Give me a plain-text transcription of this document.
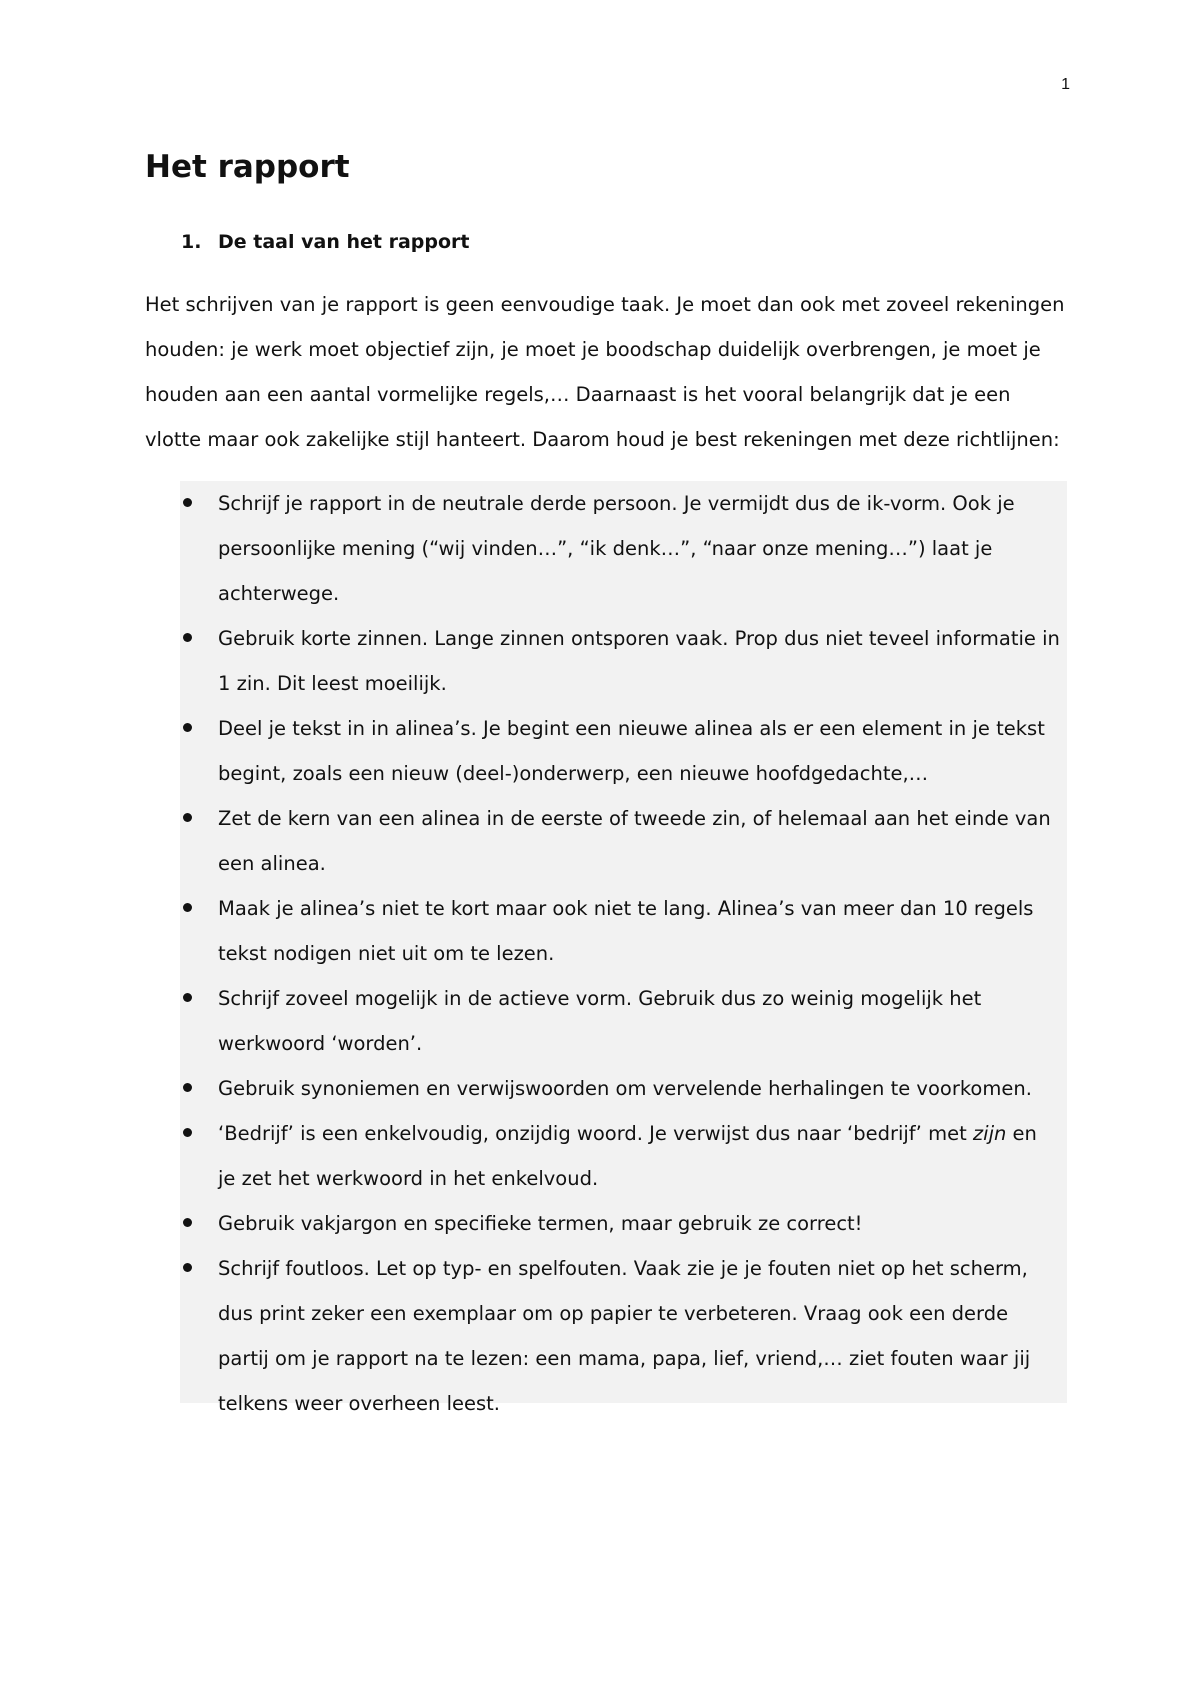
1
Het rapport
1. De taal van het rapport

Het schrijven van je rapport is geen eenvoudige taak. Je moet dan ook met zoveel rekeningen
houden: je werk moet objectief zijn, je moet je boodschap duidelijk overbrengen, je moet je
houden aan een aantal vormelijke regels,… Daarnaast is het vooral belangrijk dat je een
vlotte maar ook zakelijke stijl hanteert. Daarom houd je best rekeningen met deze richtlijnen:

Schrijf je rapport in de neutrale derde persoon. Je vermijdt dus de ik-vorm. Ook je
persoonlijke mening (“wij vinden…”, “ik denk…”, “naar onze mening…”) laat je
achterwege.
Gebruik korte zinnen. Lange zinnen ontsporen vaak. Prop dus niet teveel informatie in
1 zin. Dit leest moeilijk.
Deel je tekst in in alinea’s. Je begint een nieuwe alinea als er een element in je tekst
begint, zoals een nieuw (deel-)onderwerp, een nieuwe hoofdgedachte,…
Zet de kern van een alinea in de eerste of tweede zin, of helemaal aan het einde van
een alinea.
Maak je alinea’s niet te kort maar ook niet te lang. Alinea’s van meer dan 10 regels
tekst nodigen niet uit om te lezen.
Schrijf zoveel mogelijk in de actieve vorm. Gebruik dus zo weinig mogelijk het
werkwoord ‘worden’.
Gebruik synoniemen en verwijswoorden om vervelende herhalingen te voorkomen.
‘Bedrijf’ is een enkelvoudig, onzijdig woord. Je verwijst dus naar ‘bedrijf’ met zijn en
je zet het werkwoord in het enkelvoud.
Gebruik vakjargon en specifieke termen, maar gebruik ze correct!
Schrijf foutloos. Let op typ- en spelfouten. Vaak zie je je fouten niet op het scherm,
dus print zeker een exemplaar om op papier te verbeteren. Vraag ook een derde
partij om je rapport na te lezen: een mama, papa, lief, vriend,… ziet fouten waar jij
telkens weer overheen leest.
